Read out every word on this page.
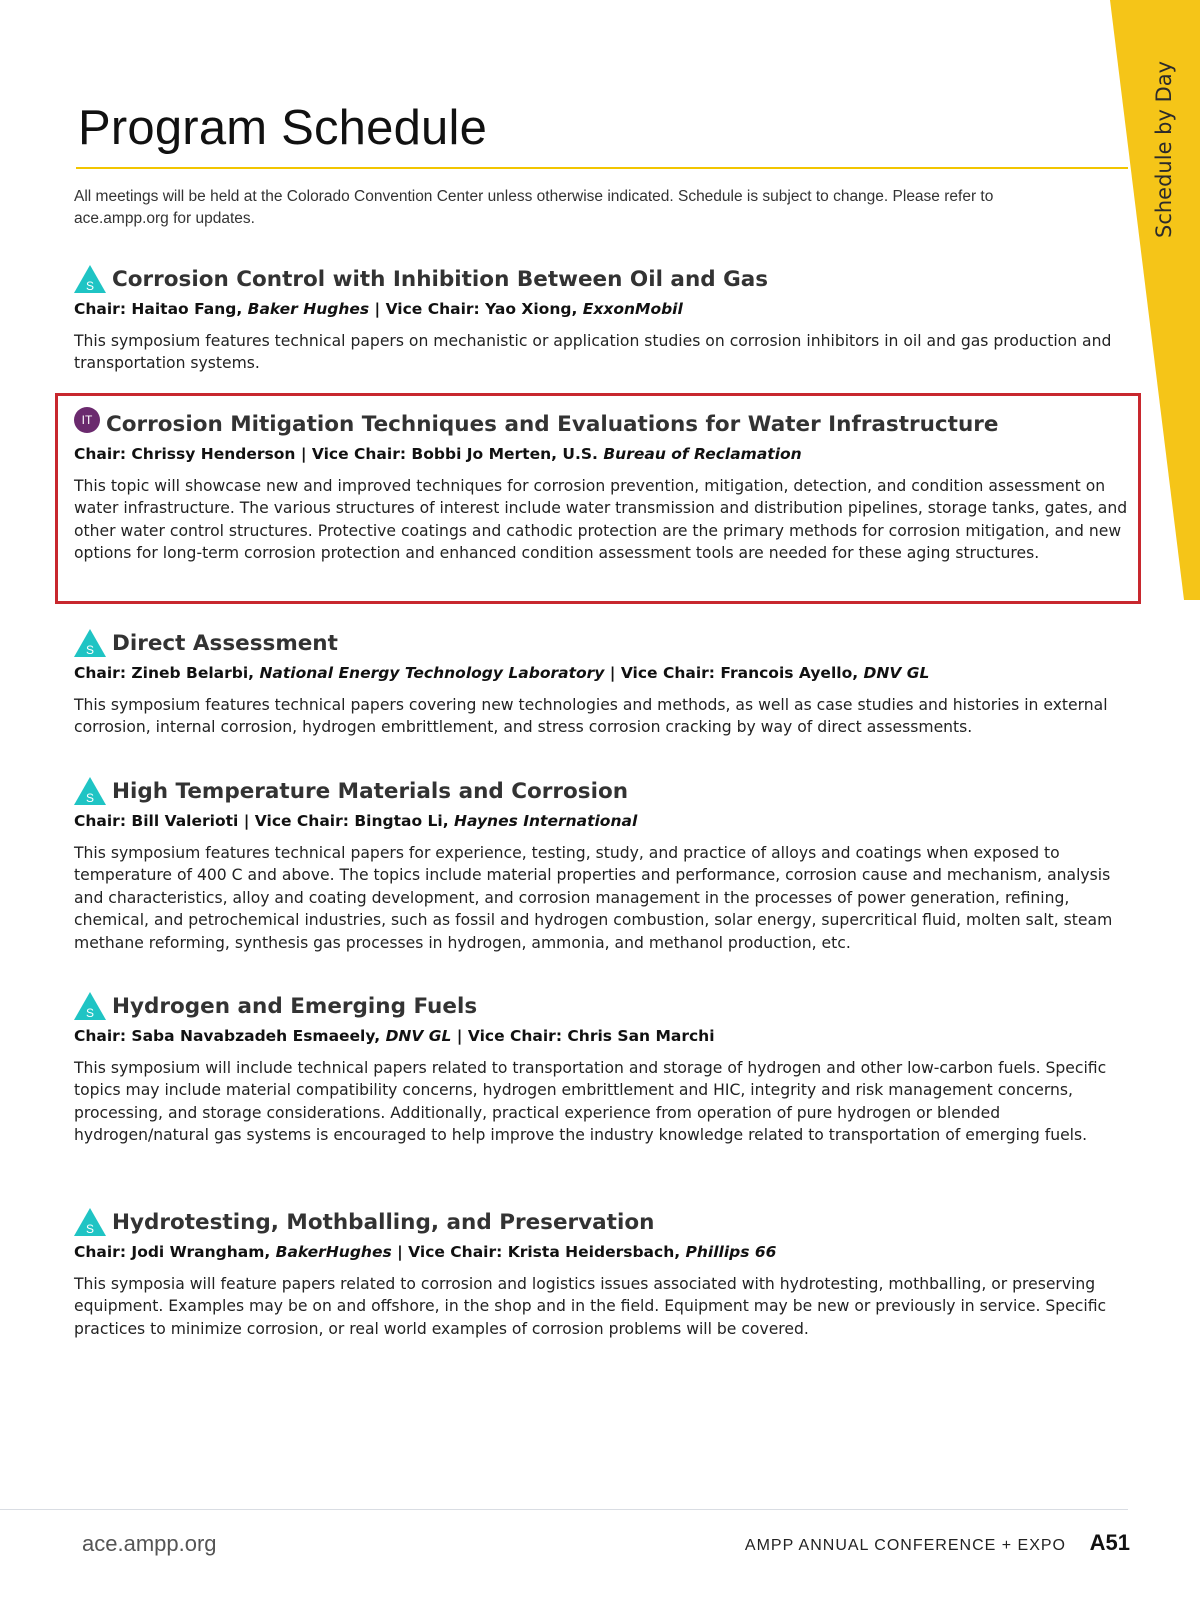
Schedule by Day
Program Schedule

All meetings will be held at the Colorado Convention Center unless otherwise indicated. Schedule is subject to change. Please refer to ace.ampp.org for updates.

S Corrosion Control with Inhibition Between Oil and Gas
Chair: Haitao Fang, Baker Hughes | Vice Chair: Yao Xiong, ExxonMobil
This symposium features technical papers on mechanistic or application studies on corrosion inhibitors in oil and gas production and transportation systems.
IT Corrosion Mitigation Techniques and Evaluations for Water Infrastructure
Chair: Chrissy Henderson | Vice Chair: Bobbi Jo Merten, U.S. Bureau of Reclamation
This topic will showcase new and improved techniques for corrosion prevention, mitigation, detection, and condition assessment on water infrastructure. The various structures of interest include water transmission and distribution pipelines, storage tanks, gates, and other water control structures. Protective coatings and cathodic protection are the primary methods for corrosion mitigation, and new options for long-term corrosion protection and enhanced condition assessment tools are needed for these aging structures.
S Direct Assessment
Chair: Zineb Belarbi, National Energy Technology Laboratory | Vice Chair: Francois Ayello, DNV GL
This symposium features technical papers covering new technologies and methods, as well as case studies and histories in external corrosion, internal corrosion, hydrogen embrittlement, and stress corrosion cracking by way of direct assessments.
S High Temperature Materials and Corrosion
Chair: Bill Valerioti | Vice Chair: Bingtao Li, Haynes International
This symposium features technical papers for experience, testing, study, and practice of alloys and coatings when exposed to temperature of 400 C and above. The topics include material properties and performance, corrosion cause and mechanism, analysis and characteristics, alloy and coating development, and corrosion management in the processes of power generation, refining, chemical, and petrochemical industries, such as fossil and hydrogen combustion, solar energy, supercritical fluid, molten salt, steam methane reforming, synthesis gas processes in hydrogen, ammonia, and methanol production, etc.
S Hydrogen and Emerging Fuels
Chair: Saba Navabzadeh Esmaeely, DNV GL | Vice Chair: Chris San Marchi
This symposium will include technical papers related to transportation and storage of hydrogen and other low-carbon fuels. Specific topics may include material compatibility concerns, hydrogen embrittlement and HIC, integrity and risk management concerns, processing, and storage considerations. Additionally, practical experience from operation of pure hydrogen or blended hydrogen/natural gas systems is encouraged to help improve the industry knowledge related to transportation of emerging fuels.
S Hydrotesting, Mothballing, and Preservation
Chair: Jodi Wrangham, BakerHughes | Vice Chair: Krista Heidersbach, Phillips 66
This symposia will feature papers related to corrosion and logistics issues associated with hydrotesting, mothballing, or preserving equipment. Examples may be on and offshore, in the shop and in the field. Equipment may be new or previously in service. Specific practices to minimize corrosion, or real world examples of corrosion problems will be covered.
ace.ampp.org	AMPP ANNUAL CONFERENCE + EXPO A51
